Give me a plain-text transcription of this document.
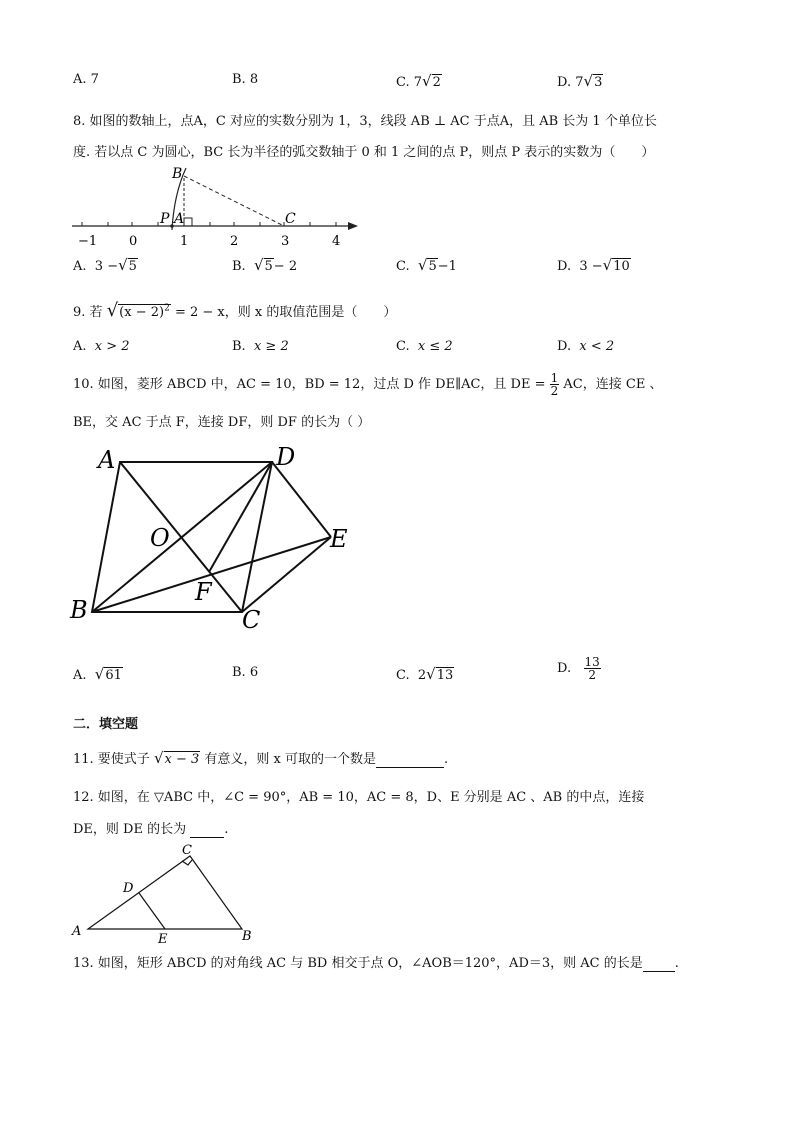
A. 7	B. 8	C. 7√2	D. 7√3
8. 如图的数轴上，点A，C 对应的实数分别为 1，3，线段 AB ⊥ AC 于点A，且 AB 长为 1 个单位长
度. 若以点 C 为圆心，BC 长为半径的弧交数轴于 0 和 1 之间的点 P，则点 P 表示的实数为（　　）
−1 0	1	2	3	4
B
P A	C
A. 3 −√5	B. √5− 2	C. √5−1	D. 3 −√10
9. 若 $√(x - 2)^2 = 2 - x$，则 x 的取值范围是（　　）
A. x > 2	B. x ≥ 2	C. x ≤ 2	D. x < 2
10. 如图，菱形 ABCD 中，AC = 10，BD = 12，过点 D 作 DE∥AC，且 DE = $\frac{1}{2}$ AC，连接 CE 、
BE，交 AC 于点 F，连接 DF，则 DF 的长为（ ）
A	D
O	E
F
B	C
A. √61	B. 6	C. 2√13	D. $\frac{13}{2}$
二．填空题
11. 要使式子 √x − 3 有意义，则 x 可取的一个数是	.
12. 如图，在 ▽ABC 中，∠C = 90°，AB = 10，AC = 8，D、E 分别是 AC 、AB 的中点，连接
DE，则 DE 的长为	.
A	B
C
D
E
13. 如图，矩形 ABCD 的对角线 AC 与 BD 相交于点 O，∠AOB＝120°，AD＝3，则 AC 的长是 .
